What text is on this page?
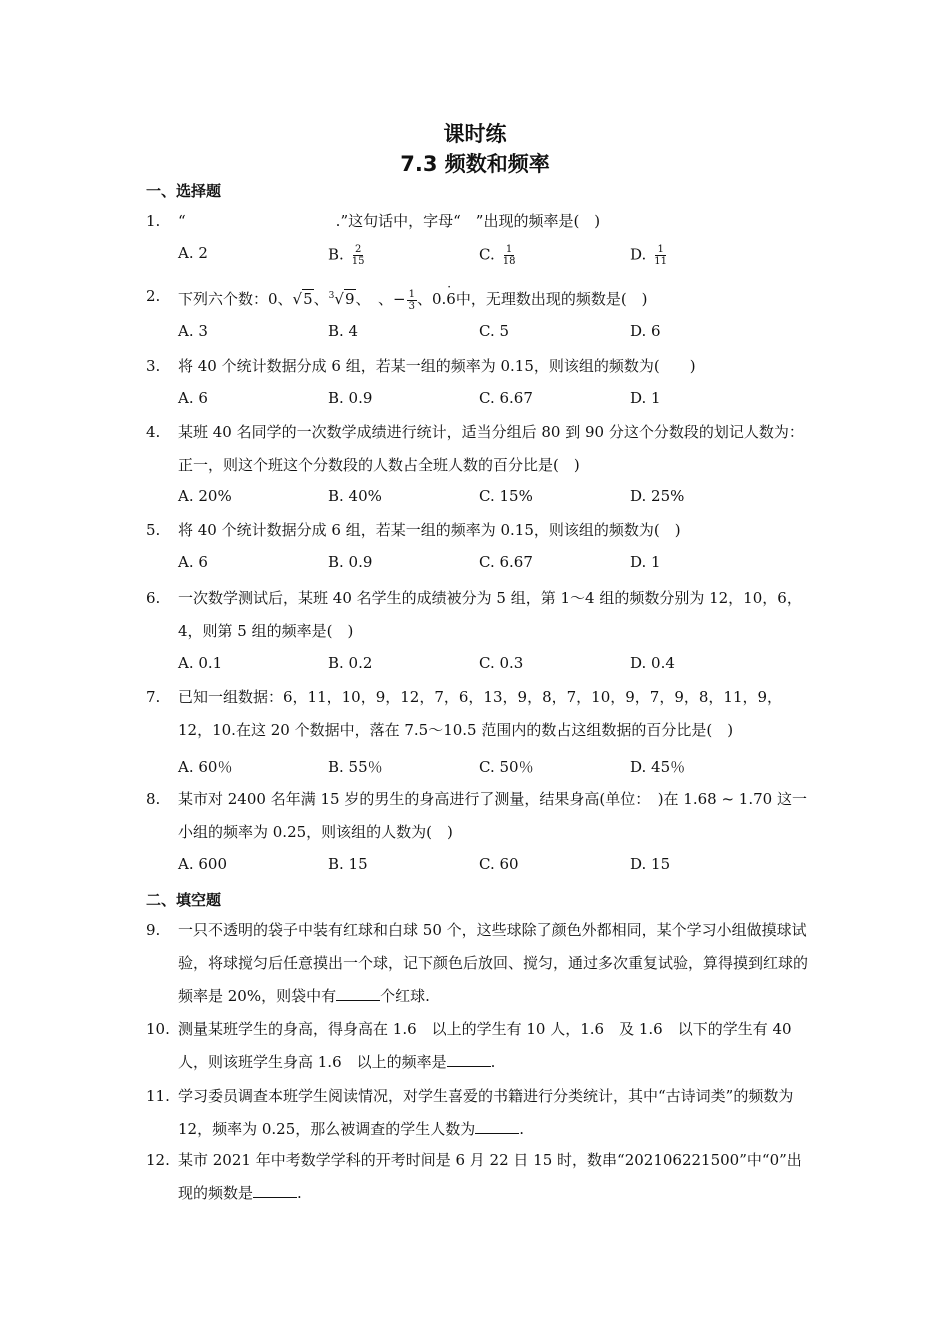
课时练
7.3 频数和频率
一、选择题
1. “	.”这句话中，字母“　”出现的频率是(　)
A. 2	B. $\frac{2}{15}$	C. $\frac{1}{18}$	D. $\frac{1}{11}$
2. 下列六个数：0、√5、$^3$√9、　、− $\frac{1}{3}$ 、0.· 6中，无理数出现的频数是(　)
A. 3	B. 4	C. 5	D. 6
3. 将 40 个统计数据分成 6 组，若某一组的频率为 0.15，则该组的频数为(　　)
A. 6	B. 0.9	C. 6.67	D. 1
4. 某班 40 名同学的一次数学成绩进行统计，适当分组后 80 到 90 分这个分数段的划记人数为：正一，则这个班这个分数段的人数占全班人数的百分比是(　)
A. 20%	B. 40%	C. 15%	D. 25%
5. 将 40 个统计数据分成 6 组，若某一组的频率为 0.15，则该组的频数为(　)
A. 6	B. 0.9	C. 6.67	D. 1
6. 一次数学测试后，某班 40 名学生的成绩被分为 5 组，第 1～4 组的频数分别为 12，10，6，4，则第 5 组的频率是(　)
A. 0.1	B. 0.2	C. 0.3	D. 0.4
7. 已知一组数据：6，11，10，9，12，7，6，13，9，8，7，10，9，7，9，8，11，9，12，10.在这 20 个数据中，落在 7.5～10.5 范围内的数占这组数据的百分比是(　)
A. 60％	B. 55％	C. 50％	D. 45％
8. 某市对 2400 名年满 15 岁的男生的身高进行了测量，结果身高(单位：　)在 1.68 ~ 1.70 这一小组的频率为 0.25，则该组的人数为(　)
A. 600	B. 15	C. 60	D. 15
二、填空题
9. 一只不透明的袋子中装有红球和白球 50 个，这些球除了颜色外都相同，某个学习小组做摸球试验，将球搅匀后任意摸出一个球，记下颜色后放回、搅匀，通过多次重复试验，算得摸到红球的频率是 20%，则袋中有	个红球.
10. 测量某班学生的身高，得身高在 1.6　以上的学生有 10 人，1.6　及 1.6　以下的学生有 40 人，则该班学生身高 1.6　以上的频率是	.
11. 学习委员调查本班学生阅读情况，对学生喜爱的书籍进行分类统计，其中“古诗词类”的频数为 12，频率为 0.25，那么被调查的学生人数为	.
12. 某市 2021 年中考数学学科的开考时间是 6 月 22 日 15 时，数串“202106221500”中“0”出现的频数是	.
